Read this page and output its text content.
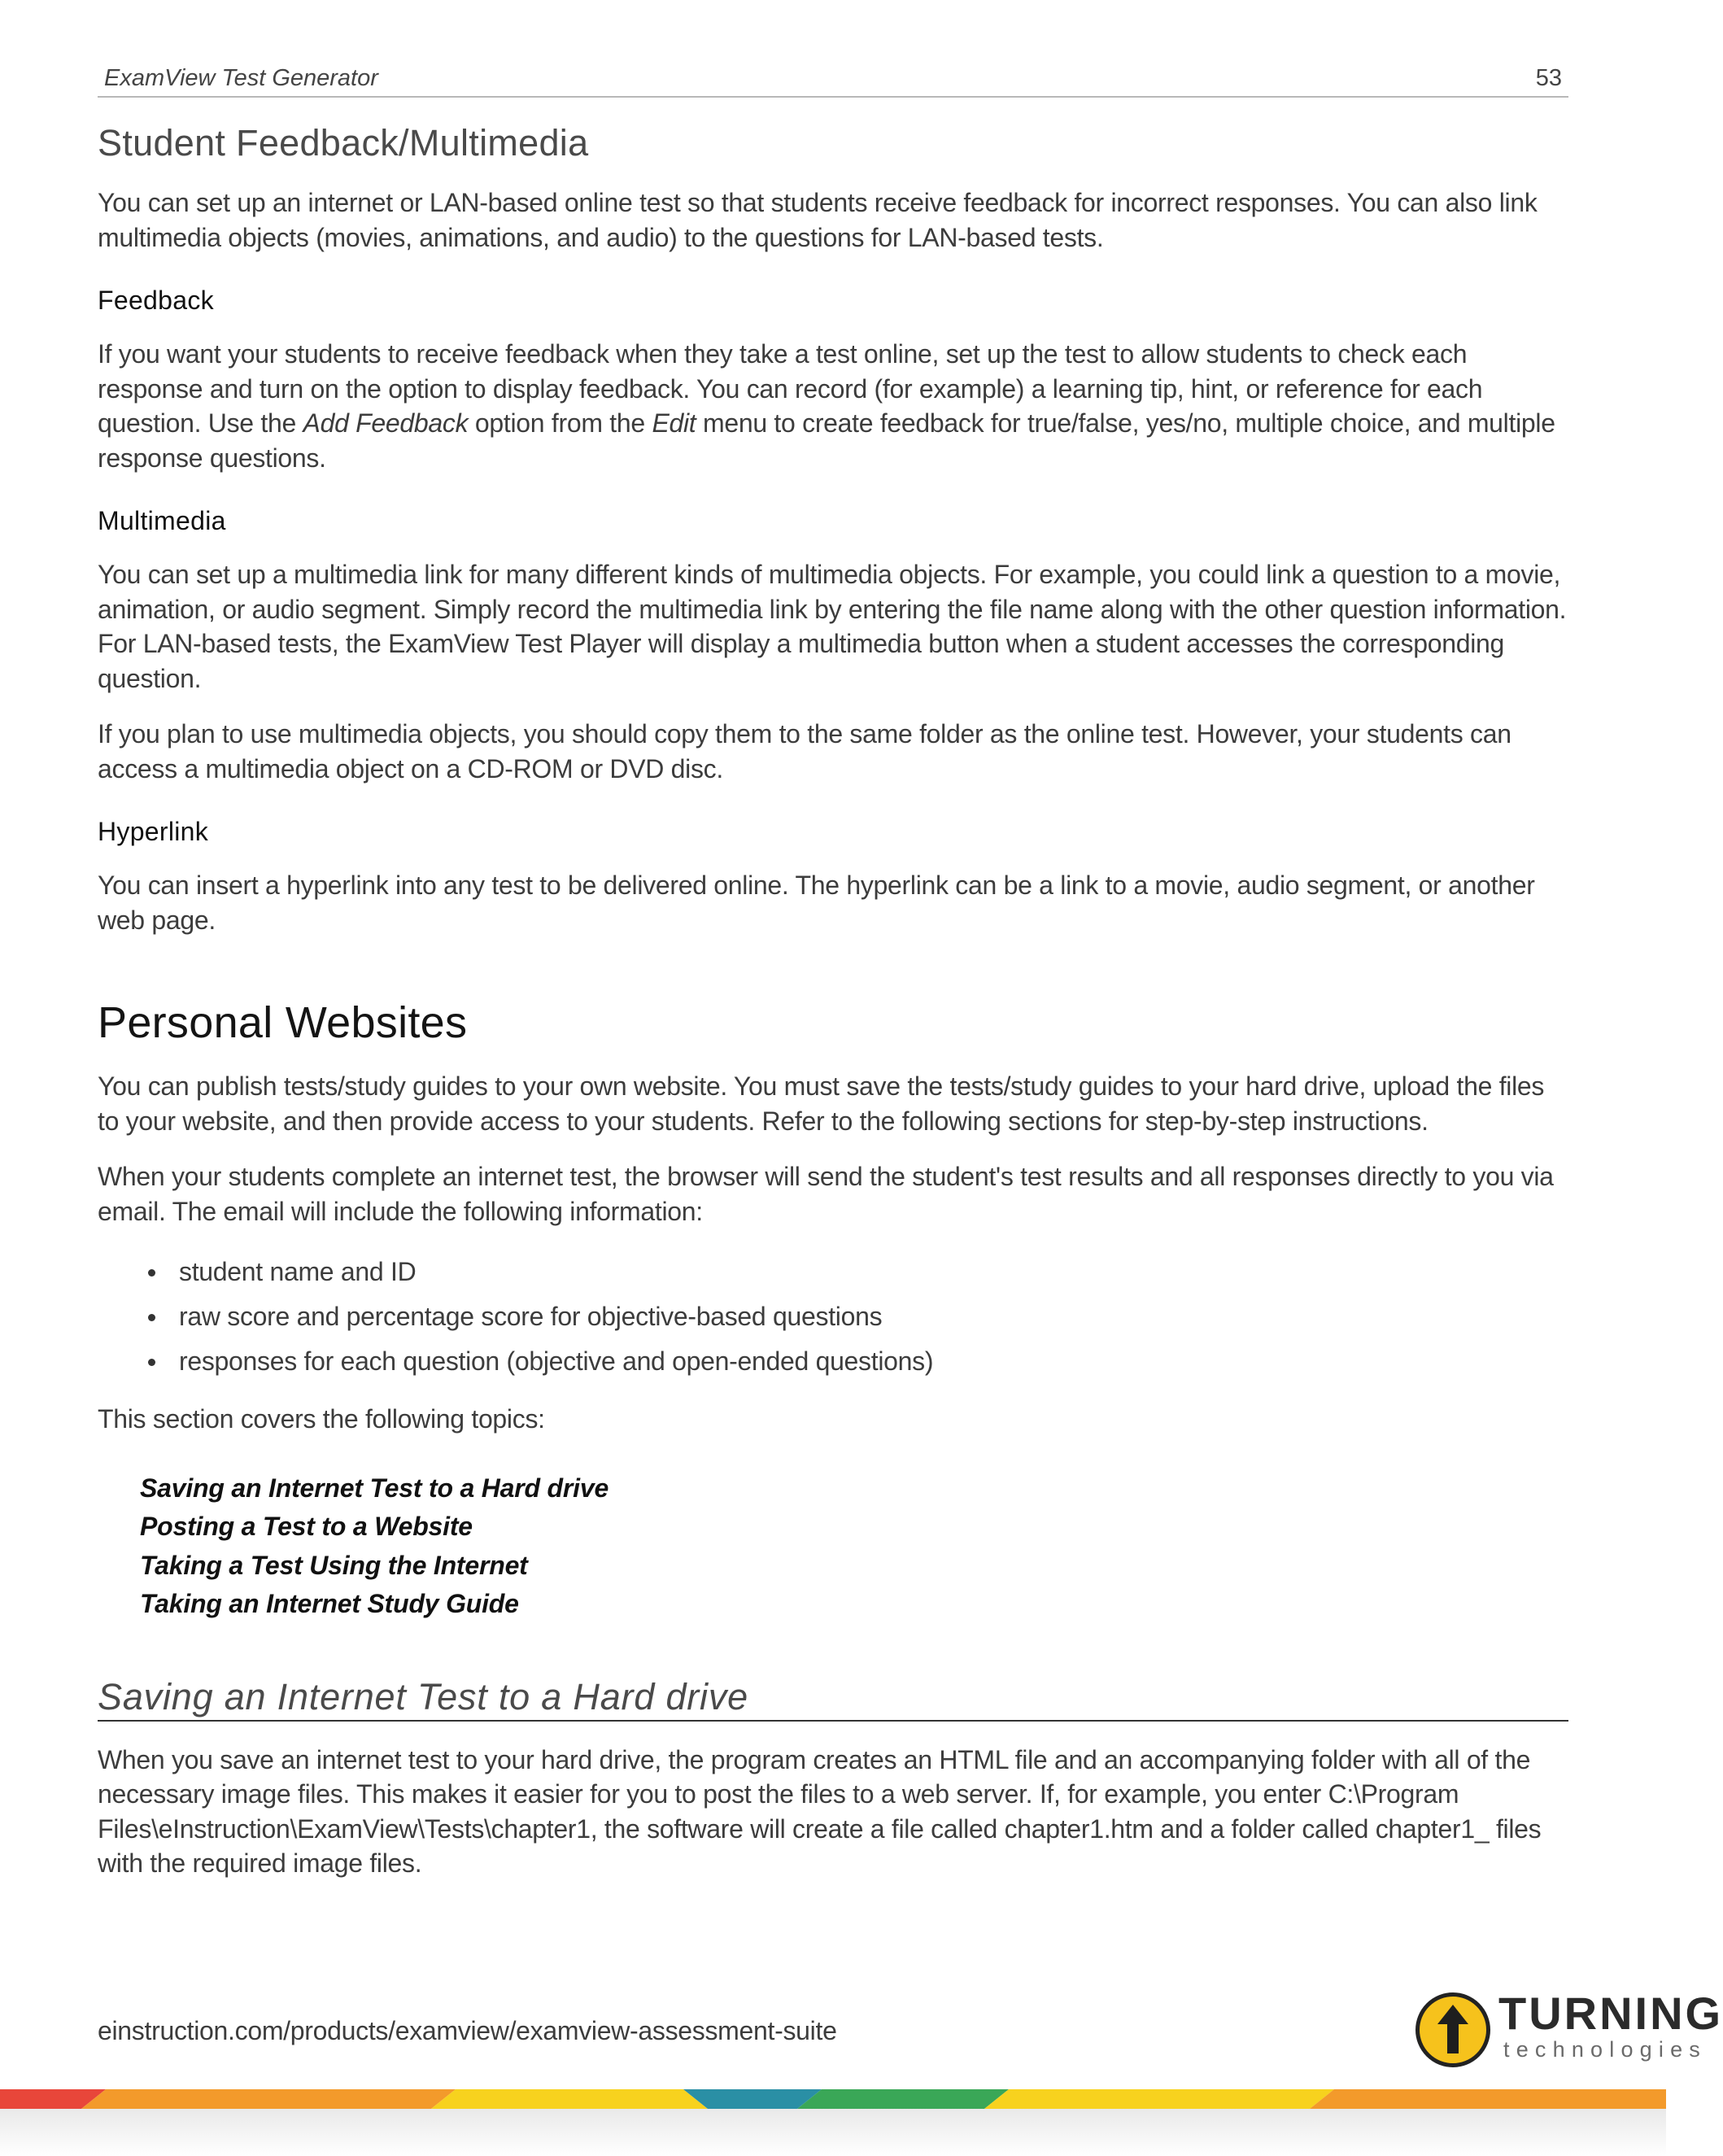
ExamView Test Generator	53
Student Feedback/Multimedia

You can set up an internet or LAN-based online test so that students receive feedback for incorrect responses. You can also link multimedia objects (movies, animations, and audio) to the questions for LAN-based tests.

Feedback

If you want your students to receive feedback when they take a test online, set up the test to allow students to check each response and turn on the option to display feedback. You can record (for example) a learning tip, hint, or reference for each question. Use the Add Feedback option from the Edit menu to create feedback for true/false, yes/no, multiple choice, and multiple response questions.

Multimedia

You can set up a multimedia link for many different kinds of multimedia objects. For example, you could link a question to a movie, animation, or audio segment. Simply record the multimedia link by entering the file name along with the other question information. For LAN-based tests, the ExamView Test Player will display a multimedia button when a student accesses the corresponding question.

If you plan to use multimedia objects, you should copy them to the same folder as the online test. However, your students can access a multimedia object on a CD-ROM or DVD disc.

Hyperlink

You can insert a hyperlink into any test to be delivered online. The hyperlink can be a link to a movie, audio segment, or another web page.

Personal Websites

You can publish tests/study guides to your own website. You must save the tests/study guides to your hard drive, upload the files to your website, and then provide access to your students. Refer to the following sections for step-by-step instructions.

When your students complete an internet test, the browser will send the student's test results and all responses directly to you via email. The email will include the following information:

student name and ID
raw score and percentage score for objective-based questions
responses for each question (objective and open-ended questions)

This section covers the following topics:

Saving an Internet Test to a Hard drive
Posting a Test to a Website
Taking a Test Using the Internet
Taking an Internet Study Guide
Saving an Internet Test to a Hard drive

When you save an internet test to your hard drive, the program creates an HTML file and an accompanying folder with all of the necessary image files. This makes it easier for you to post the files to a web server. If, for example, you enter C:\Program Files\eInstruction\ExamView\Tests\chapter1, the software will create a file called chapter1.htm and a folder called chapter1_ files with the required image files.

einstruction.com/products/examview/examview-assessment-suite	TURNING
technologies
